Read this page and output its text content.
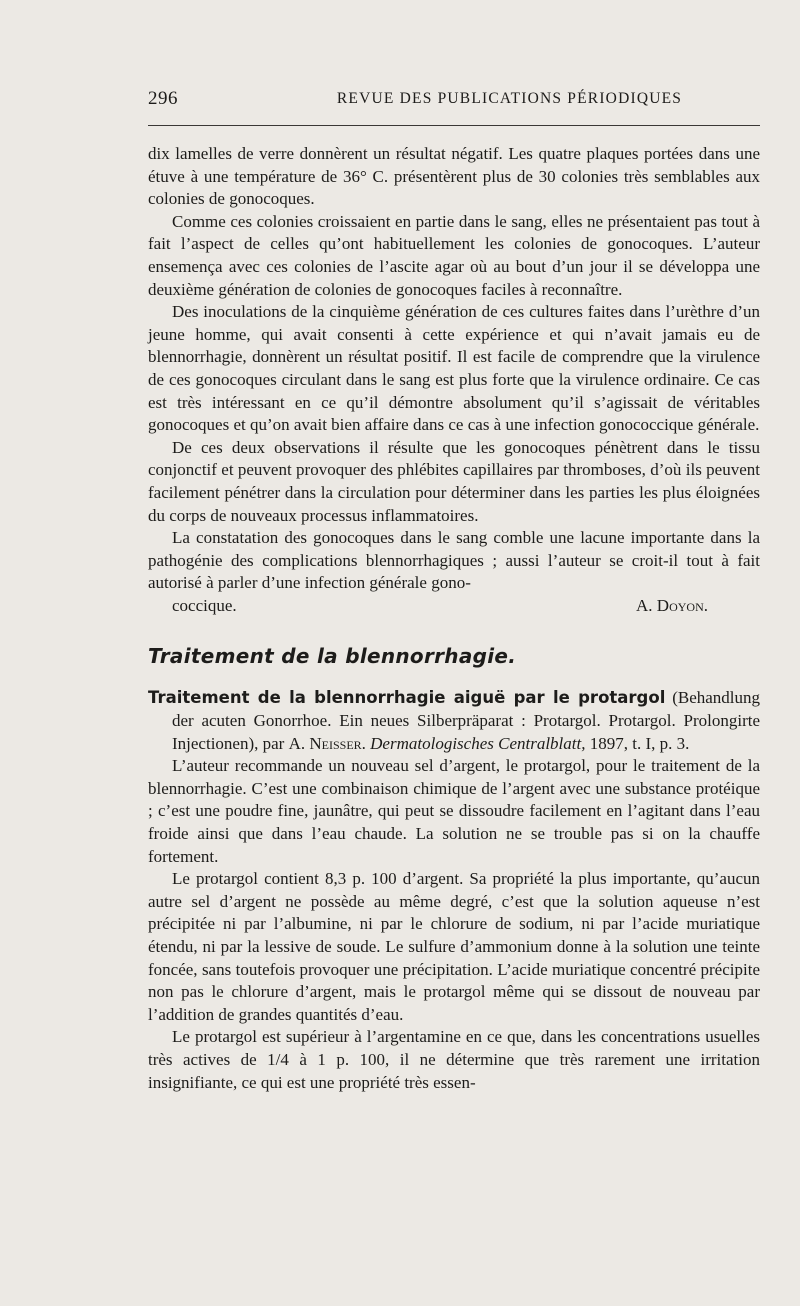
296	REVUE DES PUBLICATIONS PÉRIODIQUES

dix lamelles de verre donnèrent un résultat négatif. Les quatre plaques portées dans une étuve à une température de 36° C. présentèrent plus de 30 colonies très semblables aux colonies de gonocoques.

Comme ces colonies croissaient en partie dans le sang, elles ne présentaient pas tout à fait l’aspect de celles qu’ont habituellement les colonies de gonocoques. L’auteur ensemença avec ces colonies de l’ascite agar où au bout d’un jour il se développa une deuxième génération de colonies de gonocoques faciles à reconnaître.

Des inoculations de la cinquième génération de ces cultures faites dans l’urèthre d’un jeune homme, qui avait consenti à cette expérience et qui n’avait jamais eu de blennorrhagie, donnèrent un résultat positif. Il est facile de comprendre que la virulence de ces gonocoques circulant dans le sang est plus forte que la virulence ordinaire. Ce cas est très intéressant en ce qu’il démontre absolument qu’il s’agissait de véritables gonocoques et qu’on avait bien affaire dans ce cas à une infection gonococcique générale.

De ces deux observations il résulte que les gonocoques pénètrent dans le tissu conjonctif et peuvent provoquer des phlébites capillaires par thromboses, d’où ils peuvent facilement pénétrer dans la circulation pour déterminer dans les parties les plus éloignées du corps de nouveaux processus inflammatoires.

La constatation des gonocoques dans le sang comble une lacune importante dans la pathogénie des complications blennorrhagiques ; aussi l’auteur se croit-il tout à fait autorisé à parler d’une infection générale gono-
coccique.	A. Doyon.

Traitement de la blennorrhagie.

Traitement de la blennorrhagie aiguë par le protargol (Behandlung der acuten Gonorrhoe. Ein neues Silberpräparat : Protargol. Protargol. Prolongirte Injectionen), par A. Neisser. Dermatologisches Centralblatt, 1897, t. I, p. 3.

L’auteur recommande un nouveau sel d’argent, le protargol, pour le traitement de la blennorrhagie. C’est une combinaison chimique de l’argent avec une substance protéique ; c’est une poudre fine, jaunâtre, qui peut se dissoudre facilement en l’agitant dans l’eau froide ainsi que dans l’eau chaude. La solution ne se trouble pas si on la chauffe fortement.

Le protargol contient 8,3 p. 100 d’argent. Sa propriété la plus importante, qu’aucun autre sel d’argent ne possède au même degré, c’est que la solution aqueuse n’est précipitée ni par l’albumine, ni par le chlorure de sodium, ni par l’acide muriatique étendu, ni par la lessive de soude. Le sulfure d’ammonium donne à la solution une teinte foncée, sans toutefois provoquer une précipitation. L’acide muriatique concentré précipite non pas le chlorure d’argent, mais le protargol même qui se dissout de nouveau par l’addition de grandes quantités d’eau.

Le protargol est supérieur à l’argentamine en ce que, dans les concentrations usuelles très actives de 1/4 à 1 p. 100, il ne détermine que très rarement une irritation insignifiante, ce qui est une propriété très essen-
